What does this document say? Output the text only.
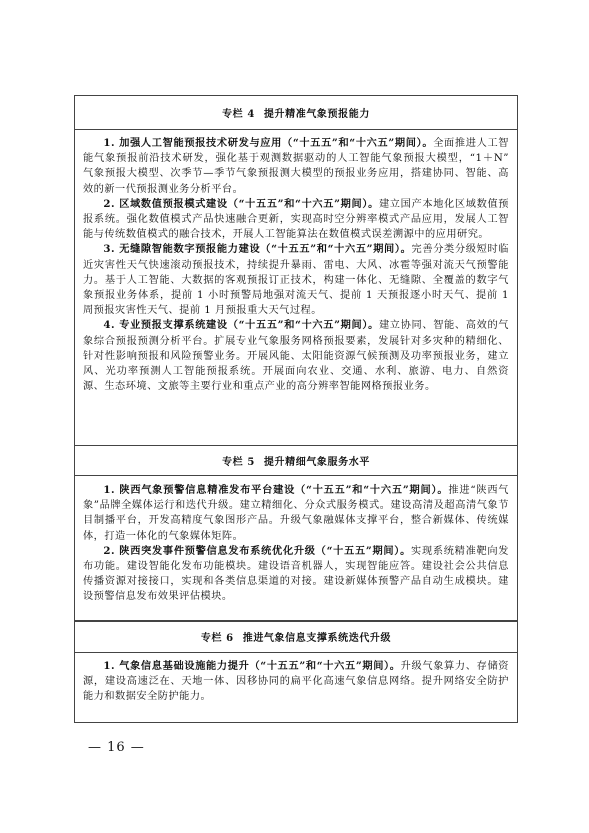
专栏 4 提升精准气象预报能力

1. 加强人工智能预报技术研发与应用（“十五五”和“十六五”期间）。全面推进人工智能气象预报前沿技术研发，强化基于观测数据驱动的人工智能气象预报大模型，“1＋N” 气象预报大模型、次季节—季节气象预报测大模型的预报业务应用，搭建协同、智能、高效的新一代预报测业务分析平台。

2. 区域数值预报模式建设（“十五五”和“十六五”期间）。建立国产本地化区域数值预报系统。强化数值模式产品快速融合更新，实现高时空分辨率模式产品应用，发展人工智能与传统数值模式的融合技术，开展人工智能算法在数值模式误差溯源中的应用研究。

3. 无缝隙智能数字预报能力建设（“十五五”和“十六五”期间）。完善分类分级短时临近灾害性天气快速滚动预报技术，持续提升暴雨、雷电、大风、冰雹等强对流天气预警能力。基于人工智能、大数据的客观预报订正技术，构建一体化、无缝隙、全覆盖的数字气象预报业务体系，提前 1 小时预警局地强对流天气、提前 1 天预报逐小时天气、提前 1 周预报灾害性天气、提前 1 月预报重大天气过程。

4. 专业预报支撑系统建设（“十五五”和“十六五”期间）。建立协同、智能、高效的气象综合预报预测分析平台。扩展专业气象服务网格预报要素，发展针对多灾种的精细化、针对性影响预报和风险预警业务。开展风能、太阳能资源气候预测及功率预报业务，建立风、光功率预测人工智能预报系统。开展面向农业、交通、水利、旅游、电力、自然资源、生态环境、文旅等主要行业和重点产业的高分辨率智能网格预报业务。

专栏 5 提升精细气象服务水平

1. 陕西气象预警信息精准发布平台建设（“十五五”和“十六五”期间）。推进“陕西气象”品牌全媒体运行和迭代升级。建立精细化、分众式服务模式。建设高清及超高清气象节目制播平台，开发高精度气象图形产品。升级气象融媒体支撑平台，整合新媒体、传统媒体，打造一体化的气象媒体矩阵。

2. 陕西突发事件预警信息发布系统优化升级（“十五五”期间）。实现系统精准靶向发布功能。建设智能化发布功能模块。建设语音机器人，实现智能应答。建设社会公共信息传播资源对接接口，实现和各类信息渠道的对接。建设新媒体预警产品自动生成模块。建设预警信息发布效果评估模块。

专栏 6 推进气象信息支撑系统迭代升级

1. 气象信息基础设施能力提升（“十五五”和“十六五”期间）。升级气象算力、存储资源，建设高速泛在、天地一体、因移协同的扁平化高速气象信息网络。提升网络安全防护能力和数据安全防护能力。

— 16 —
